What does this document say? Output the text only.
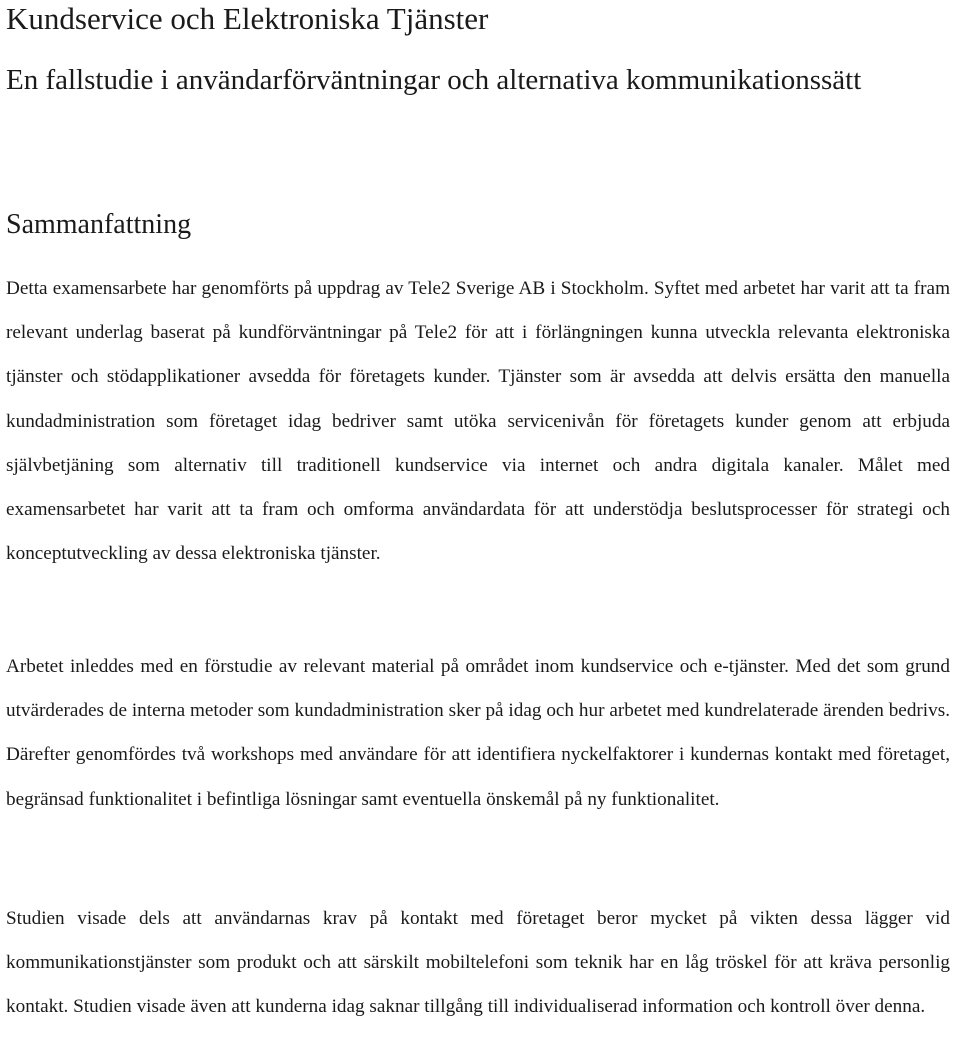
Kundservice och Elektroniska Tjänster
En fallstudie i användarförväntningar och alternativa kommunikationssätt
Sammanfattning

Detta examensarbete har genomförts på uppdrag av Tele2 Sverige AB i Stockholm. Syftet med arbetet har varit att ta fram relevant underlag baserat på kundförväntningar på Tele2 för att i förlängningen kunna utveckla relevanta elektroniska tjänster och stödapplikationer avsedda för företagets kunder. Tjänster som är avsedda att delvis ersätta den manuella kundadministration som företaget idag bedriver samt utöka servicenivån för företagets kunder genom att erbjuda självbetjäning som alternativ till traditionell kundservice via internet och andra digitala kanaler. Målet med examensarbetet har varit att ta fram och omforma användardata för att understödja beslutsprocesser för strategi och konceptutveckling av dessa elektroniska tjänster.

Arbetet inleddes med en förstudie av relevant material på området inom kundservice och e-tjänster. Med det som grund utvärderades de interna metoder som kundadministration sker på idag och hur arbetet med kundrelaterade ärenden bedrivs. Därefter genomfördes två workshops med användare för att identifiera nyckelfaktorer i kundernas kontakt med företaget, begränsad funktionalitet i befintliga lösningar samt eventuella önskemål på ny funktionalitet.

Studien visade dels att användarnas krav på kontakt med företaget beror mycket på vikten dessa lägger vid kommunikationstjänster som produkt och att särskilt mobiltelefoni som teknik har en låg tröskel för att kräva personlig kontakt. Studien visade även att kunderna idag saknar tillgång till individualiserad information och kontroll över denna.
